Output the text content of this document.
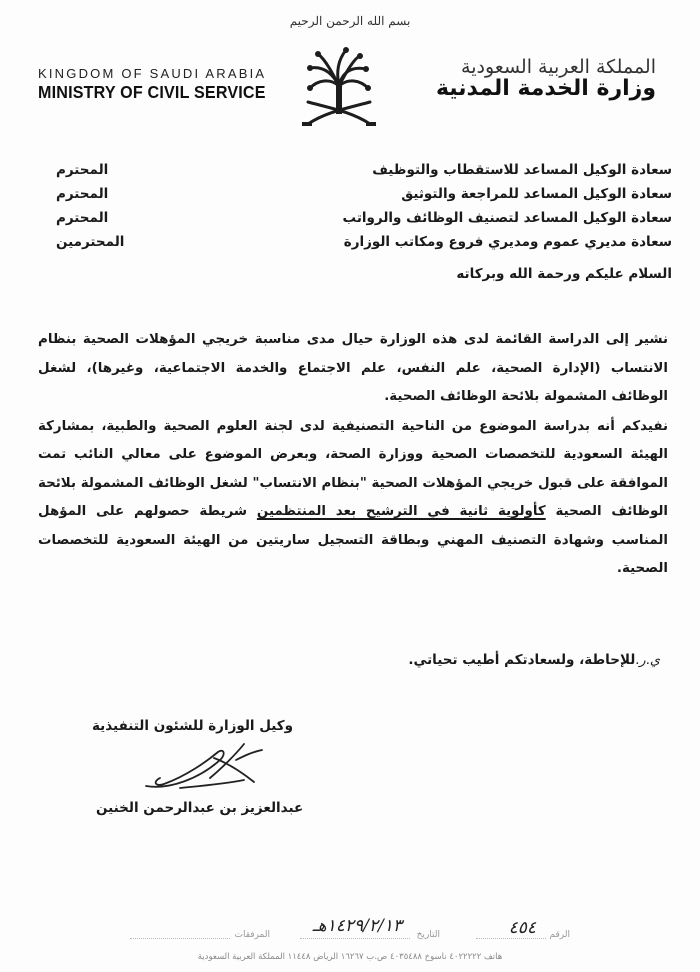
بسم الله الرحمن الرحيم
KINGDOM OF SAUDI ARABIA
MINISTRY OF CIVIL SERVICE
المملكة العربية السعودية
وزارة الخدمة المدنية
سعادة الوكيل المساعد للاستقطاب والتوظيف
المحترم
سعادة الوكيل المساعد للمراجعة والتوثيق
المحترم
سعادة الوكيل المساعد لتصنيف الوظائف والرواتب
المحترم
سعادة مديري عموم ومديري فروع ومكاتب الوزارة
المحترمين
السلام عليكم ورحمة الله وبركاته

نشير إلى الدراسة القائمة لدى هذه الوزارة حيال مدى مناسبة خريجي المؤهلات الصحية بنظام الانتساب (الإدارة الصحية، علم النفس، علم الاجتماع والخدمة الاجتماعية، وغيرها)، لشغل الوظائف المشمولة بلائحة الوظائف الصحية.

نفيدكم أنه بدراسة الموضوع من الناحية التصنيفية لدى لجنة العلوم الصحية والطبية، بمشاركة الهيئة السعودية للتخصصات الصحية ووزارة الصحة، وبعرض الموضوع على معالي النائب تمت الموافقة على قبول خريجي المؤهلات الصحية "بنظام الانتساب" لشغل الوظائف المشمولة بلائحة الوظائف الصحية كأولوية ثانية في الترشيح بعد المنتظمين شريطة حصولهم على المؤهل المناسب وشهادة التصنيف المهني وبطاقة التسجيل ساريتين من الهيئة السعودية للتخصصات الصحية.

ي.ر.للإحاطة، ولسعادتكم أطيب تحياتي.
وكيل الوزارة للشئون التنفيذية
عبدالعزيز بن عبدالرحمن الخنين
الرقم
٤٥٤
التاريخ
١٤٢٩/٢/١٣هـ
المرفقات
هاتف ٤٠٢٢٢٢٢ ناسوخ ٤٠٣٥٤٨٨ ص.ب ١٦٢٦٧ الرياض ١١٤٤٨ المملكة العربية السعودية
